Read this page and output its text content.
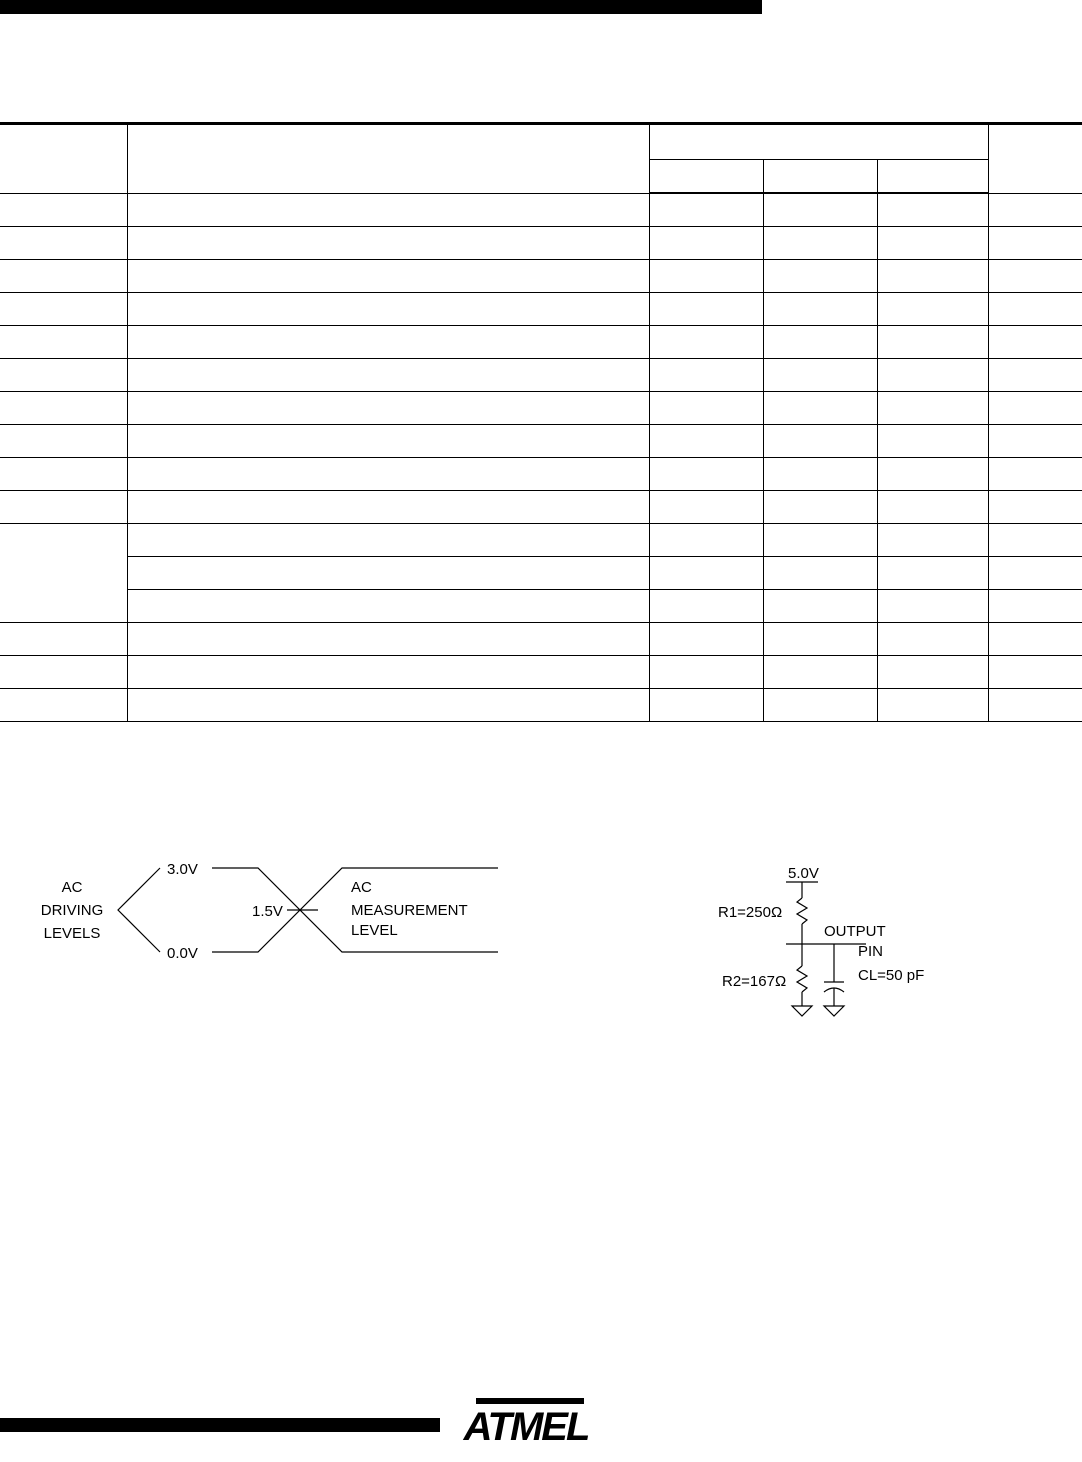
3.0V
0.0V
1.5V
AC
DRIVING
LEVELS
AC
MEASUREMENT
LEVEL
5.0V
R1=250Ω
OUTPUT
PIN
R2=167Ω	CL=50 pF
ATMEL
